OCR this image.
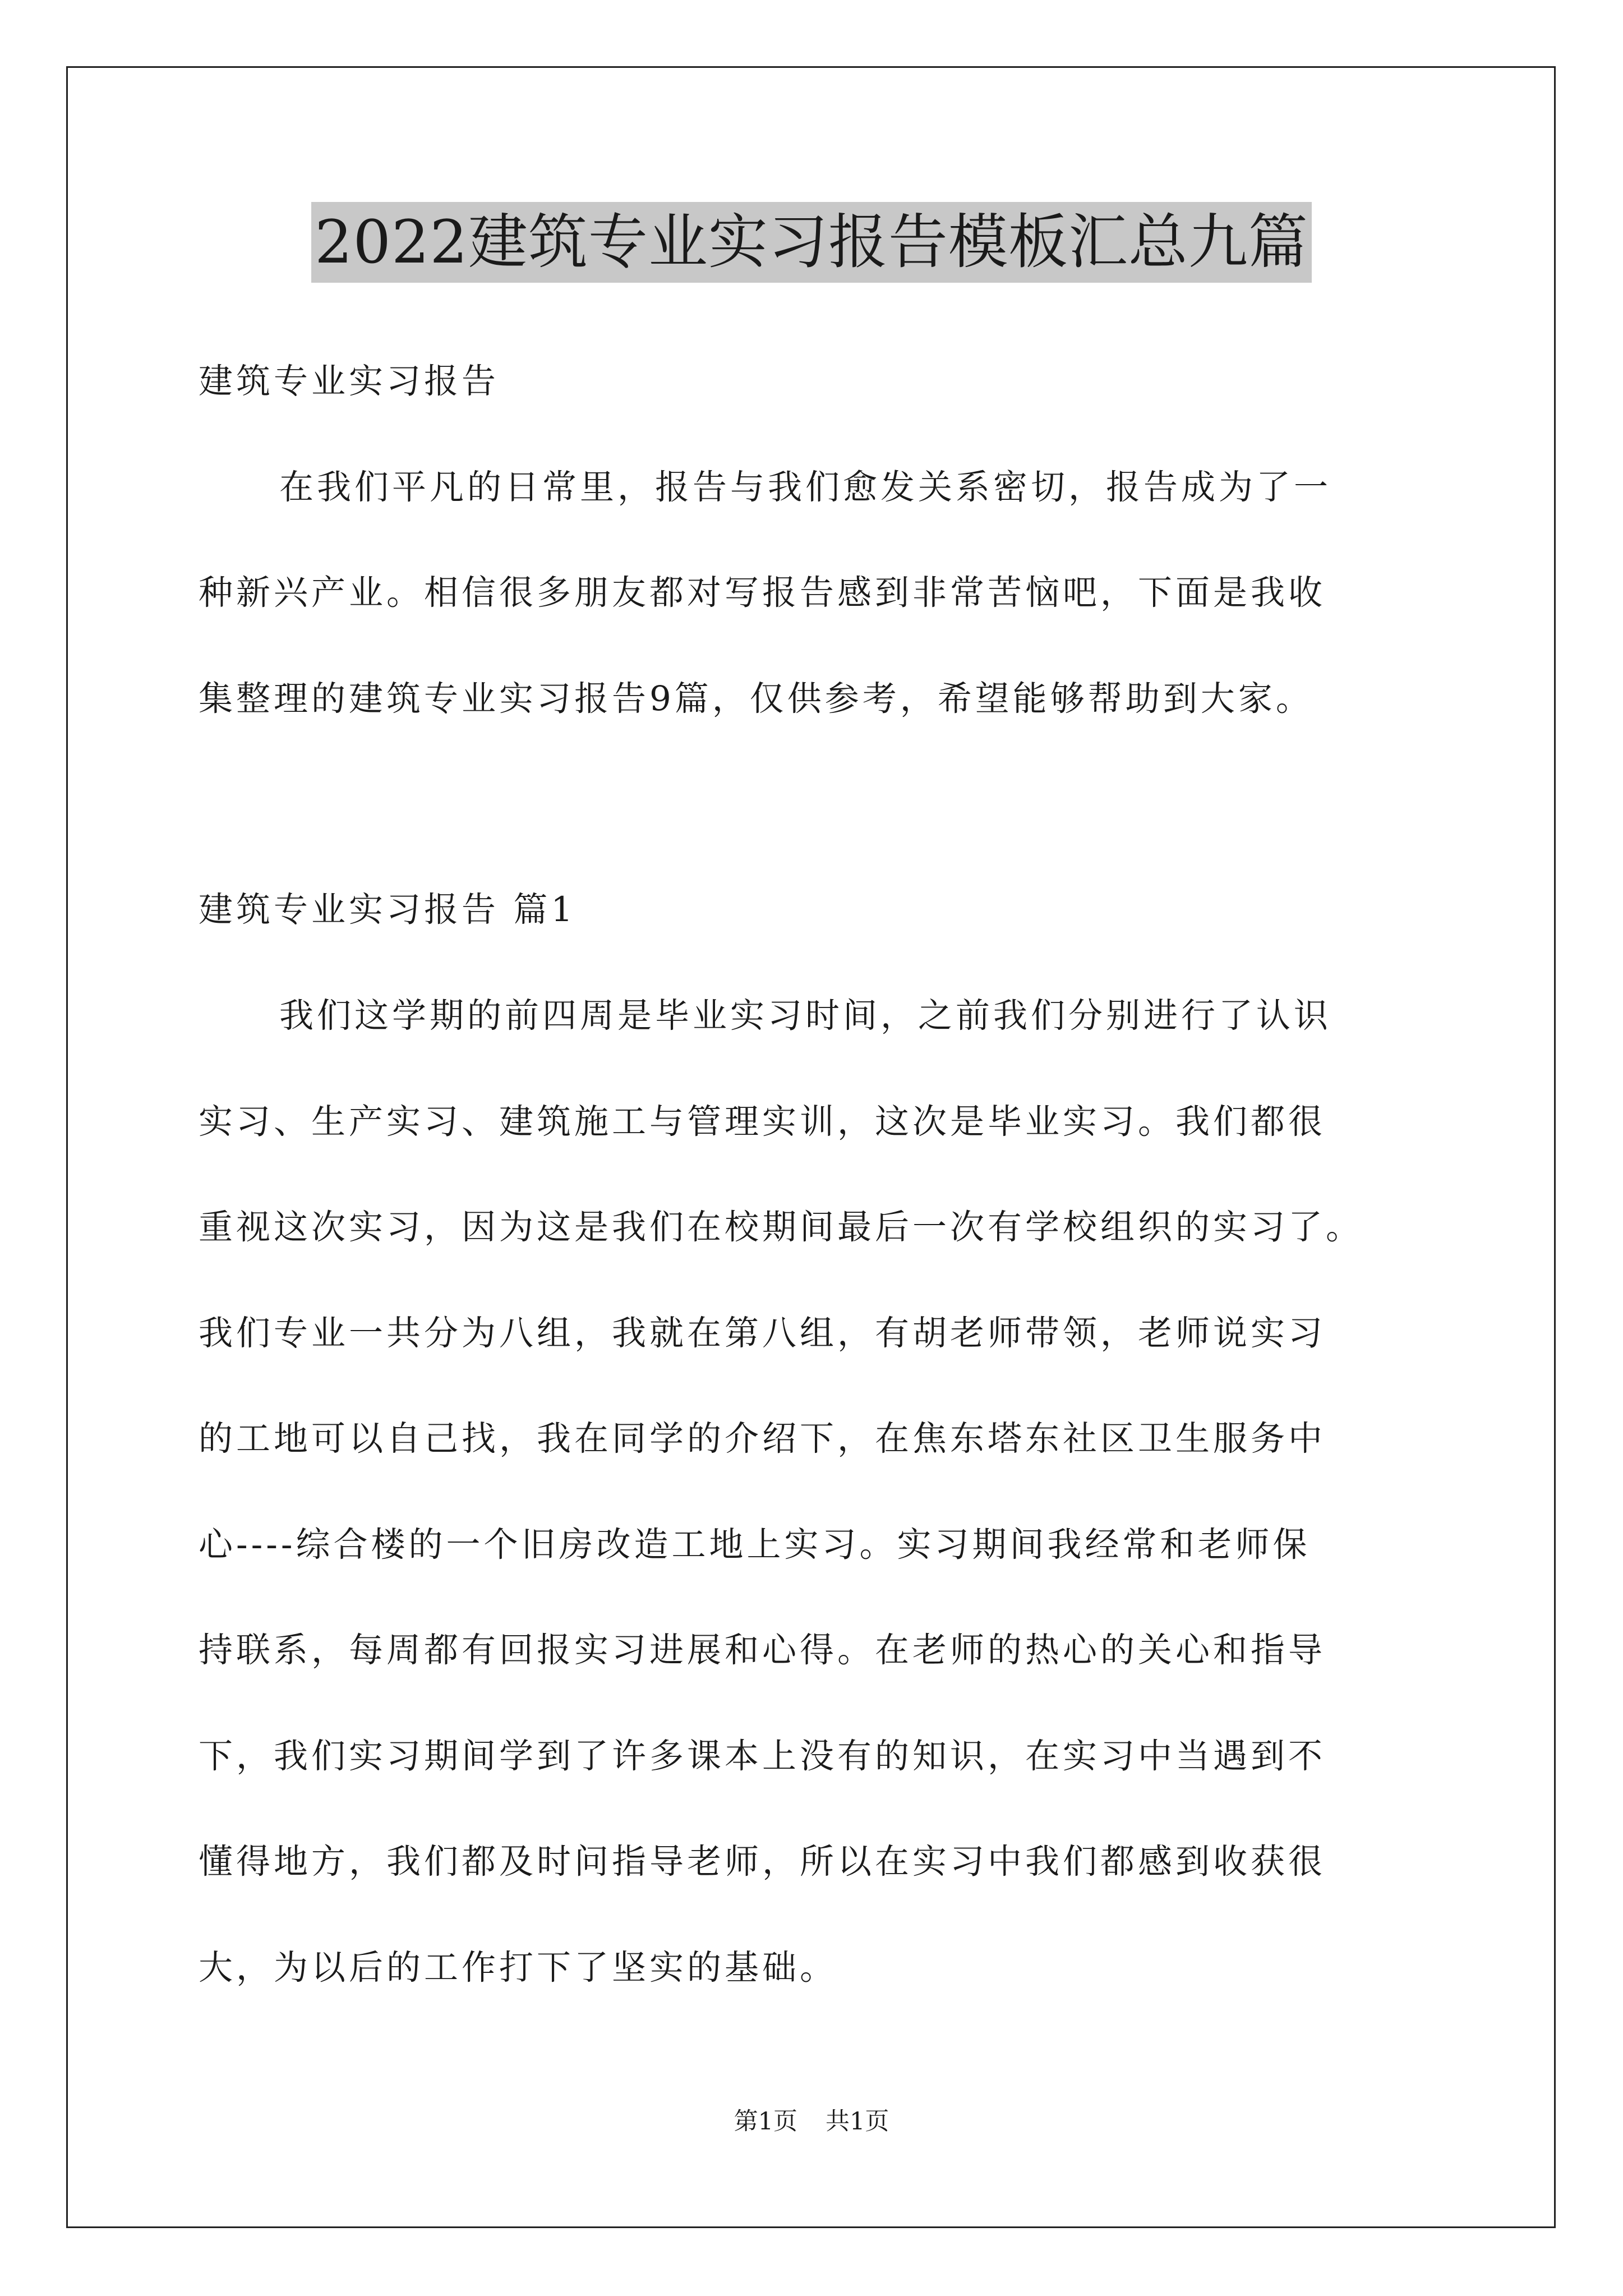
2022建筑专业实习报告模板汇总九篇
建筑专业实习报告
在我们平凡的日常里，报告与我们愈发关系密切，报告成为了一
种新兴产业。相信很多朋友都对写报告感到非常苦恼吧，下面是我收
集整理的建筑专业实习报告9篇，仅供参考，希望能够帮助到大家。
建筑专业实习报告 篇1
我们这学期的前四周是毕业实习时间，之前我们分别进行了认识
实习、生产实习、建筑施工与管理实训，这次是毕业实习。我们都很
重视这次实习，因为这是我们在校期间最后一次有学校组织的实习了。
我们专业一共分为八组，我就在第八组，有胡老师带领，老师说实习
的工地可以自己找，我在同学的介绍下，在焦东塔东社区卫生服务中
心----综合楼的一个旧房改造工地上实习。实习期间我经常和老师保
持联系，每周都有回报实习进展和心得。在老师的热心的关心和指导
下，我们实习期间学到了许多课本上没有的知识，在实习中当遇到不
懂得地方，我们都及时问指导老师，所以在实习中我们都感到收获很
大，为以后的工作打下了坚实的基础。
第1页 共1页
